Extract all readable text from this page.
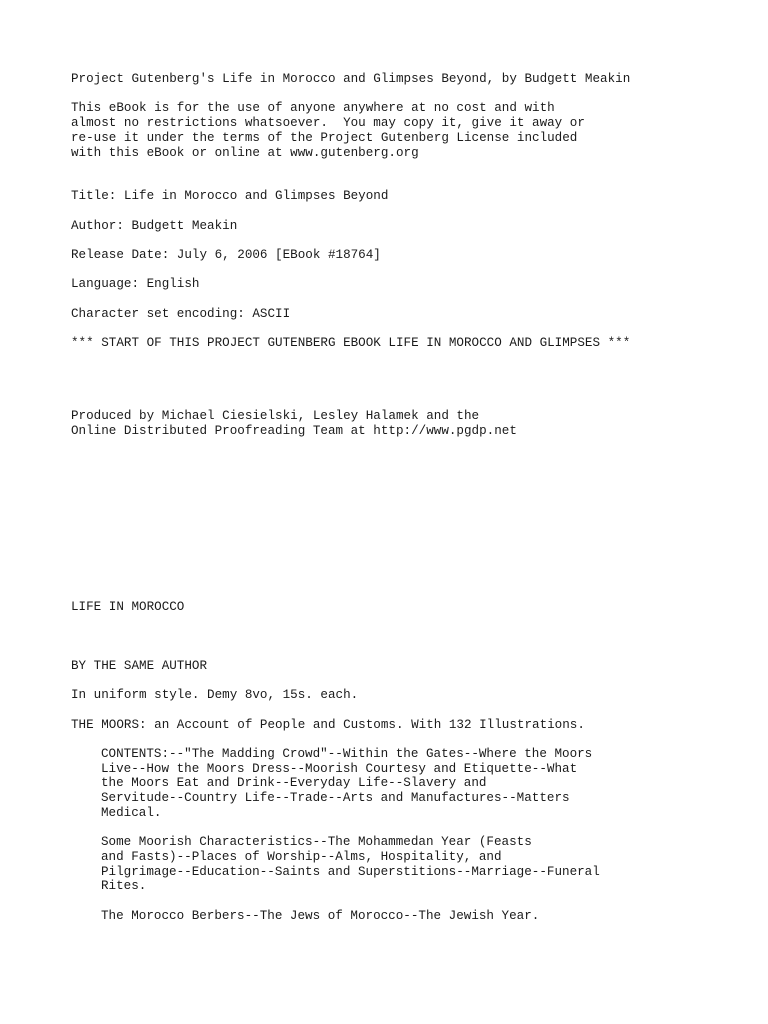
Project Gutenberg's Life in Morocco and Glimpses Beyond, by Budgett Meakin

This eBook is for the use of anyone anywhere at no cost and with

almost no restrictions whatsoever.  You may copy it, give it away or

re-use it under the terms of the Project Gutenberg License included

with this eBook or online at www.gutenberg.org

Title: Life in Morocco and Glimpses Beyond

Author: Budgett Meakin

Release Date: July 6, 2006 [EBook #18764]

Language: English

Character set encoding: ASCII

*** START OF THIS PROJECT GUTENBERG EBOOK LIFE IN MOROCCO AND GLIMPSES ***

Produced by Michael Ciesielski, Lesley Halamek and the

Online Distributed Proofreading Team at http://www.pgdp.net

LIFE IN MOROCCO

BY THE SAME AUTHOR

In uniform style. Demy 8vo, 15s. each.

THE MOORS: an Account of People and Customs. With 132 Illustrations.

CONTENTS:--"The Madding Crowd"--Within the Gates--Where the Moors

Live--How the Moors Dress--Moorish Courtesy and Etiquette--What

the Moors Eat and Drink--Everyday Life--Slavery and

Servitude--Country Life--Trade--Arts and Manufactures--Matters

Medical.

Some Moorish Characteristics--The Mohammedan Year (Feasts

and Fasts)--Places of Worship--Alms, Hospitality, and

Pilgrimage--Education--Saints and Superstitions--Marriage--Funeral

Rites.

The Morocco Berbers--The Jews of Morocco--The Jewish Year.
